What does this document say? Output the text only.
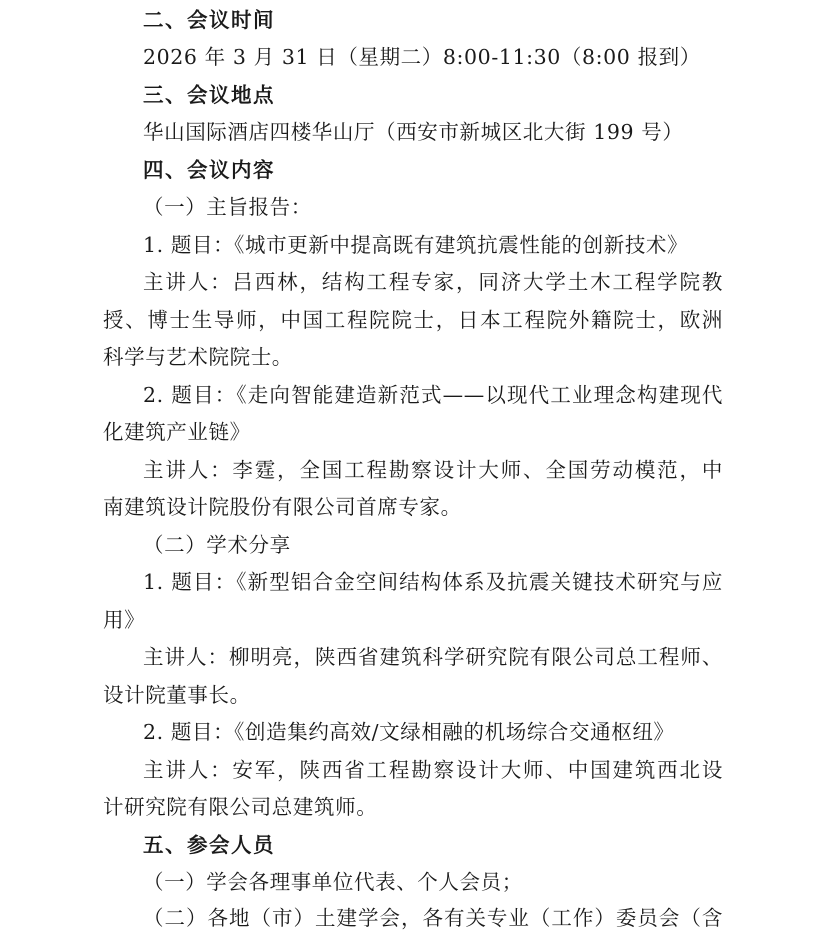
二、会议时间
2026 年 3 月 31 日（星期二）8:00-11:30（8:00 报到）
三、会议地点
华山国际酒店四楼华山厅（西安市新城区北大街 199 号）
四、会议内容
（一）主旨报告：
1. 题目：《城市更新中提高既有建筑抗震性能的创新技术》
主讲人：吕西林，结构工程专家，同济大学土木工程学院教
授、博士生导师，中国工程院院士，日本工程院外籍院士，欧洲
科学与艺术院院士。
2. 题目：《走向智能建造新范式——以现代工业理念构建现代
化建筑产业链》
主讲人：李霆，全国工程勘察设计大师、全国劳动模范，中
南建筑设计院股份有限公司首席专家。
（二）学术分享
1. 题目：《新型铝合金空间结构体系及抗震关键技术研究与应
用》
主讲人：柳明亮，陕西省建筑科学研究院有限公司总工程师、
设计院董事长。
2. 题目：《创造集约高效/文绿相融的机场综合交通枢纽》
主讲人：安军，陕西省工程勘察设计大师、中国建筑西北设
计研究院有限公司总建筑师。
五、参会人员
（一）学会各理事单位代表、个人会员；
（二）各地（市）土建学会，各有关专业（工作）委员会（含
